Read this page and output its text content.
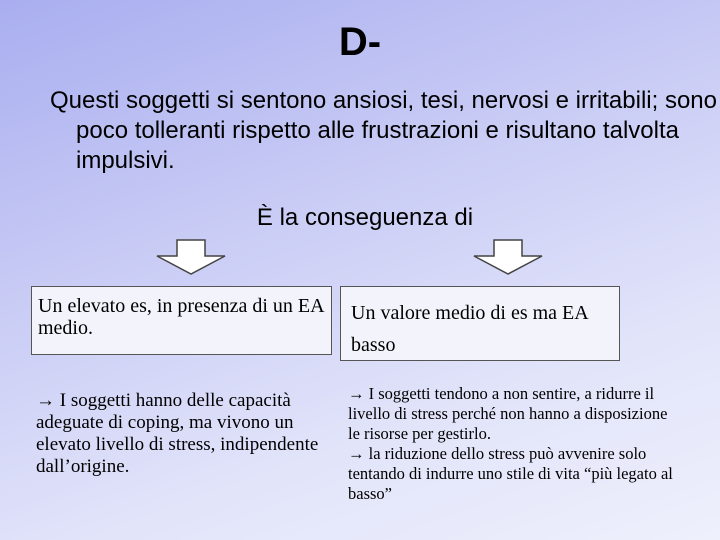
D-
Questi soggetti si sentono ansiosi, tesi, nervosi e irritabili; sono poco tolleranti rispetto alle frustrazioni e risultano talvolta impulsivi.
È la conseguenza di
Un elevato es, in presenza di un EA medio.
Un valore medio di es ma EA basso
→ I soggetti hanno delle capacità adeguate di coping, ma vivono un elevato livello di stress, indipendente dall’origine.
→ I soggetti tendono a non sentire, a ridurre il livello di stress perché non hanno a disposizione le risorse per gestirlo.
→ la riduzione dello stress può avvenire solo tentando di indurre uno stile di vita “più legato al basso”
